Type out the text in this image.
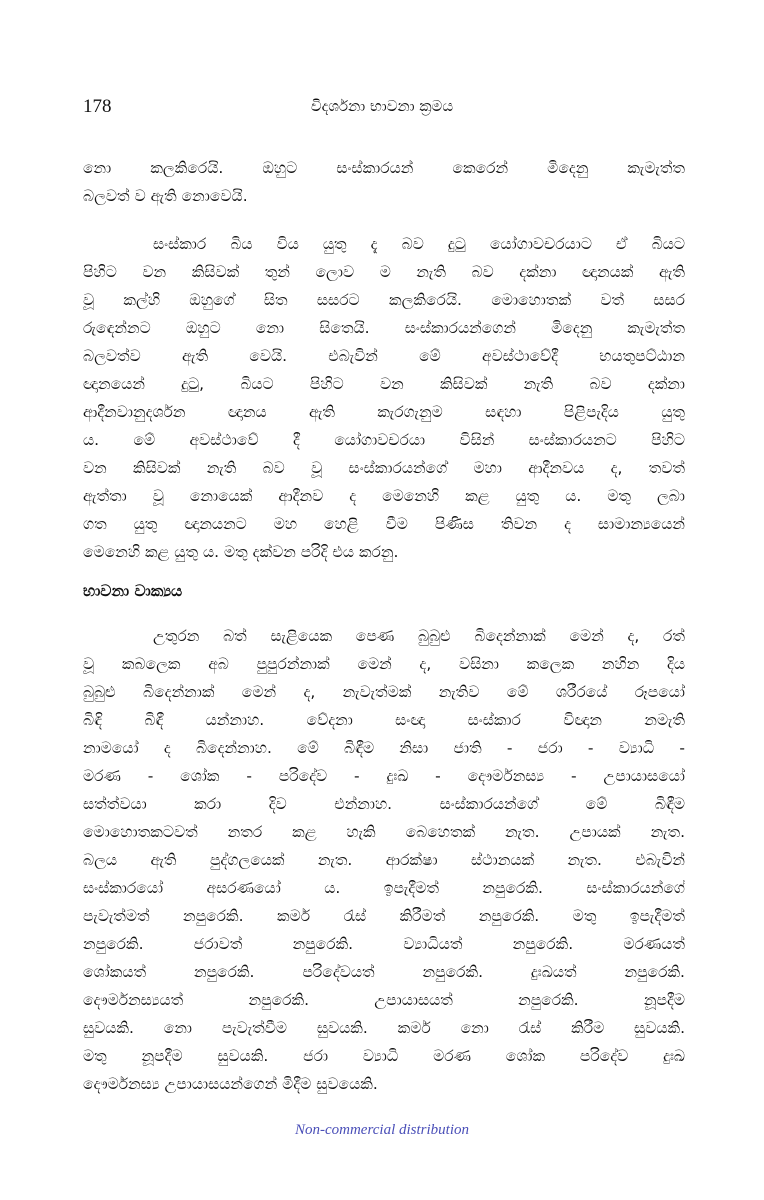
178	විදර්ශනා භාවනා ක්‍රමය
නො කලකිරෙයි. ඔහුට සංස්කාරයන් කෙරෙන් මිදෙනු කැමැත්ත
බලවත් ව ඇති නොවෙයි.
සංස්කාර බිය විය යුතු දැ බව දුටු යෝගාවචරයාට ඒ බියට
පිහිට වන කිසිවක් තුන් ලොව ම නැති බව දක්නා ඥානයක් ඇති
වූ කල්හි ඔහුගේ සිත සසරට කලකිරෙයි. මොහොතක් වත් සසර
රුඳෙන්නට ඔහුට නො සිතෙයි. සංස්කාරයන්ගෙන් මිදෙනු කැමැත්ත
බලවත්ව ඇති වෙයි. එබැවින් මේ අවස්ථාවේදී භයතුපට්ඨාන
ඥානයෙන් දුටු, බියට පිහිට වන කිසිවක් නැති බව දක්නා
ආදීනවානුදර්ශන ඥානය ඇති කැරගැනුම සඳහා පිළිපැදිය යුතු
ය. මේ අවස්ථාවේ දී යෝගාවචරයා විසින් සංස්කාරයනට පිහිට
වන කිසිවක් නැති බව වූ සංස්කාරයන්ගේ මහා ආදීනවය ද, තවත්
ඇත්තා වූ නොයෙක් ආදීනව ද මෙනෙහි කළ යුතු ය. මතු ලබා
ගත යුතු ඥානයනට මහ හෙළි වීම පිණිස තිවන ද සාමාන්‍යයෙන්
මෙනෙහි කළ යුතු ය. මතු දක්වන පරිදි එය කරනු.
භාවනා වාක්‍යය
උතුරන බත් සැළියෙක පෙණ බුබුළු බිදෙන්නාක් මෙන් ද, රත්
වූ කබලෙක අබ පුපුරන්නාක් මෙන් ද, වසිනා කලෙක නහින දිය
බුබුළු බිදෙන්නාක් මෙන් ද, නැවැත්මක් නැතිව මේ ශරීරයේ රූපයෝ
බිඳි බිඳී යන්නාහ. වේදනා සංඥා සංස්කාර විඥාන නමැති
නාමයෝ ද බිදෙන්නාහ. මේ බිඳීම නිසා ජාති - ජරා - ව්‍යාධි -
මරණ - ශෝක - පරිදේව - දුඃඛ - දෞර්මනස්‍ය - උපායාසයෝ
සත්ත්වයා කරා දිව එන්නාහ. සංස්කාරයන්ගේ මේ බිඳීම
මොහොතකටවත් නතර කළ හැකි බෙහෙතක් නැත. උපායක් නැත.
බලය ඇති පුද්ගලයෙක් නැත. ආරක්ෂා ස්ථානයක් නැත. එබැවින්
සංස්කාරයෝ අසරණයෝ ය. ඉපැදීමත් නපුරෙකි. සංස්කාරයන්ගේ
පැවැත්මත් නපුරෙකි. කර්ම රැස් කිරීමත් නපුරෙකි. මතු ඉපැදීමත්
නපුරෙකි. ජරාවත් නපුරෙකි. ව්‍යාධියත් නපුරෙකි. මරණයත්
ශෝකයත් නපුරෙකි. පරිදේවයත් නපුරෙකි. දුඃඛයත් නපුරෙකි.
දෞර්මනස්‍යයත් නපුරෙකි. උපායාසයත් නපුරෙකි. නූපදීම
සුවයකි. නො පැවැත්වීම සුවයකි. කර්ම නො රැස් කිරීම සුවයකි.
මතු නූපදීම සුවයකි. ජරා ව්‍යාධි මරණ ශෝක පරිදේව දුඃඛ
දෞර්මනස්‍ය උපායාසයන්ගෙන් මිදීම සුවයෙකි.
Non-commercial distribution
